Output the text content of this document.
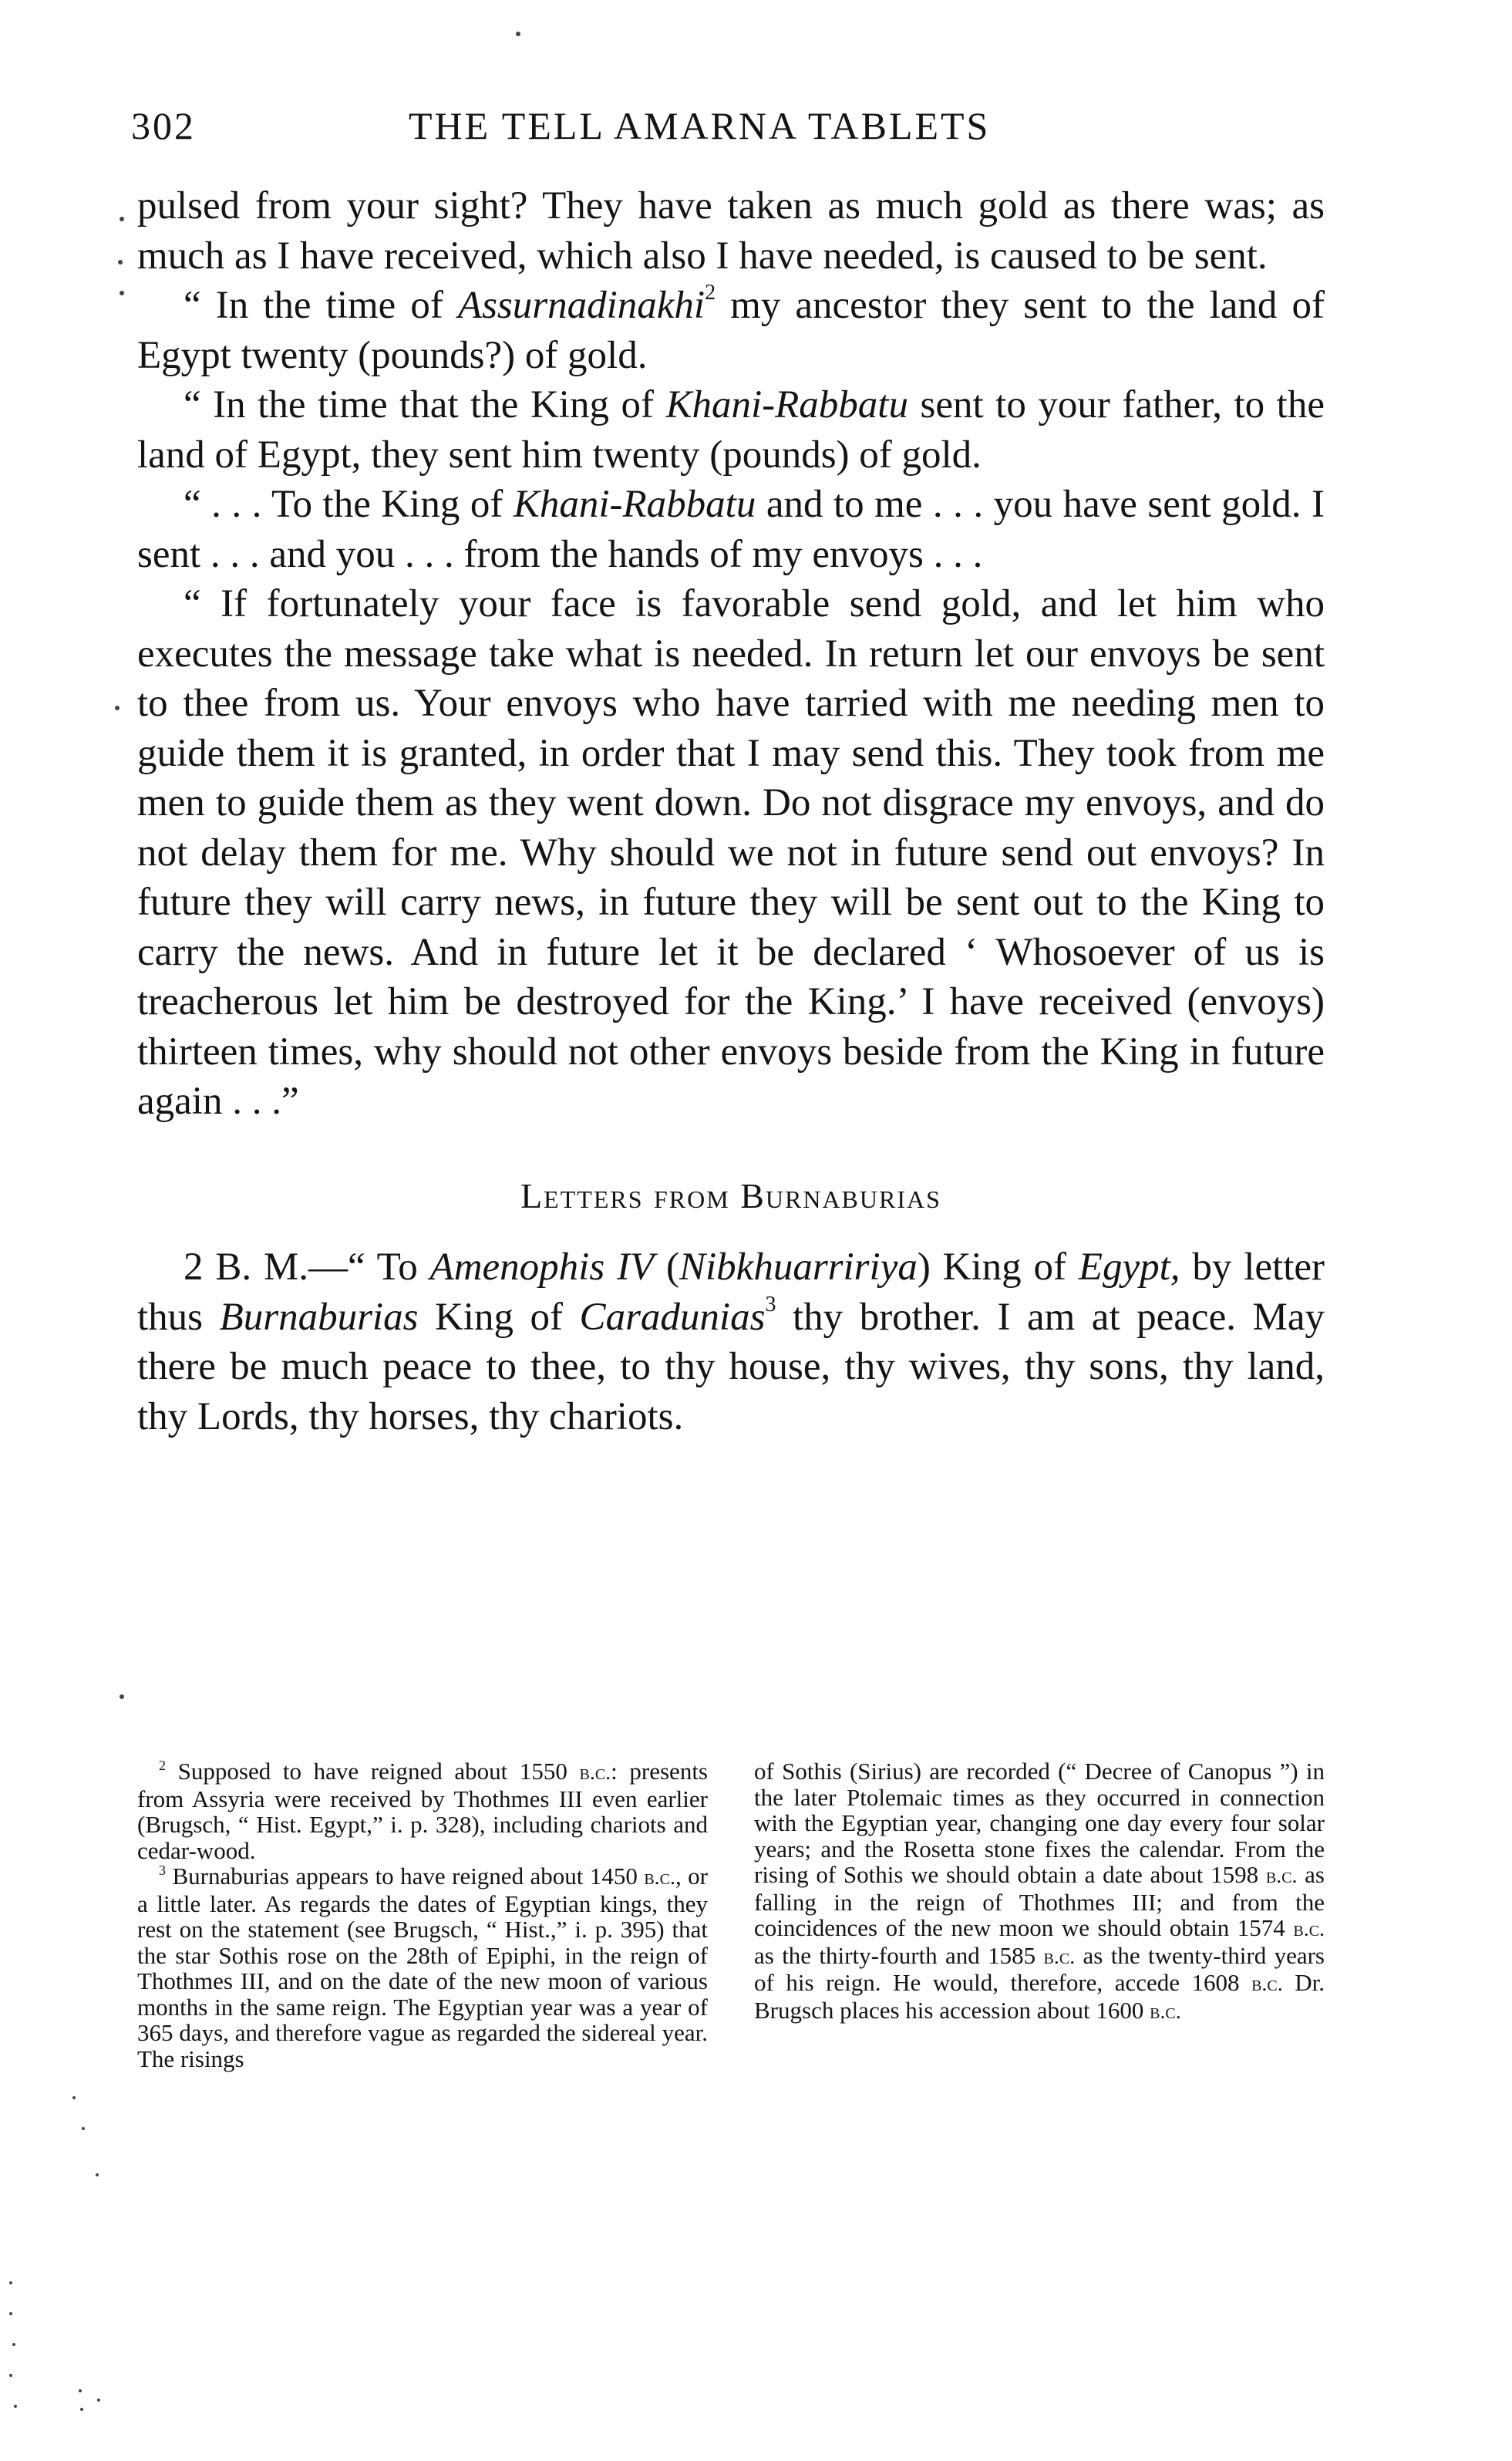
302	THE TELL AMARNA TABLETS

pulsed from your sight? They have taken as much gold as there was; as much as I have received, which also I have needed, is caused to be sent.

“ In the time of Assurnadinakhi$^2$ my ancestor they sent to the land of Egypt twenty (pounds?) of gold.

“ In the time that the King of Khani-Rabbatu sent to your father, to the land of Egypt, they sent him twenty (pounds) of gold.

“ . . . To the King of Khani-Rabbatu and to me . . . you have sent gold. I sent . . . and you . . . from the hands of my envoys . . .

“ If fortunately your face is favorable send gold, and let him who executes the message take what is needed. In return let our envoys be sent to thee from us. Your envoys who have tarried with me needing men to guide them it is granted, in order that I may send this. They took from me men to guide them as they went down. Do not disgrace my envoys, and do not delay them for me. Why should we not in future send out envoys? In future they will carry news, in future they will be sent out to the King to carry the news. And in future let it be declared ‘ Whosoever of us is treacherous let him be destroyed for the King.’ I have received (envoys) thirteen times, why should not other envoys beside from the King in future again . . .”

Letters from Burnaburias

2 B. M.—“ To Amenophis IV (Nibkhuarririya) King of Egypt, by letter thus Burnaburias King of Caradunias$^3$ thy brother. I am at peace. May there be much peace to thee, to thy house, thy wives, thy sons, thy land, thy Lords, thy horses, thy chariots.

$^2$ Supposed to have reigned about 1550 b.c.: presents from Assyria were received by Thothmes III even earlier (Brugsch, “ Hist. Egypt,” i. p. 328), including chariots and cedar-wood.

$^3$ Burnaburias appears to have reigned about 1450 b.c., or a little later. As regards the dates of Egyptian kings, they rest on the statement (see Brugsch, “ Hist.,” i. p. 395) that the star Sothis rose on the 28th of Epiphi, in the reign of Thothmes III, and on the date of the new moon of various months in the same reign. The Egyptian year was a year of 365 days, and therefore vague as regarded the sidereal year. The risings

of Sothis (Sirius) are recorded (“ Decree of Canopus ”) in the later Ptolemaic times as they occurred in connection with the Egyptian year, changing one day every four solar years; and the Rosetta stone fixes the calendar. From the rising of Sothis we should obtain a date about 1598 b.c. as falling in the reign of Thothmes III; and from the coincidences of the new moon we should obtain 1574 b.c. as the thirty-fourth and 1585 b.c. as the twenty-third years of his reign. He would, therefore, accede 1608 b.c. Dr. Brugsch places his accession about 1600 b.c.
